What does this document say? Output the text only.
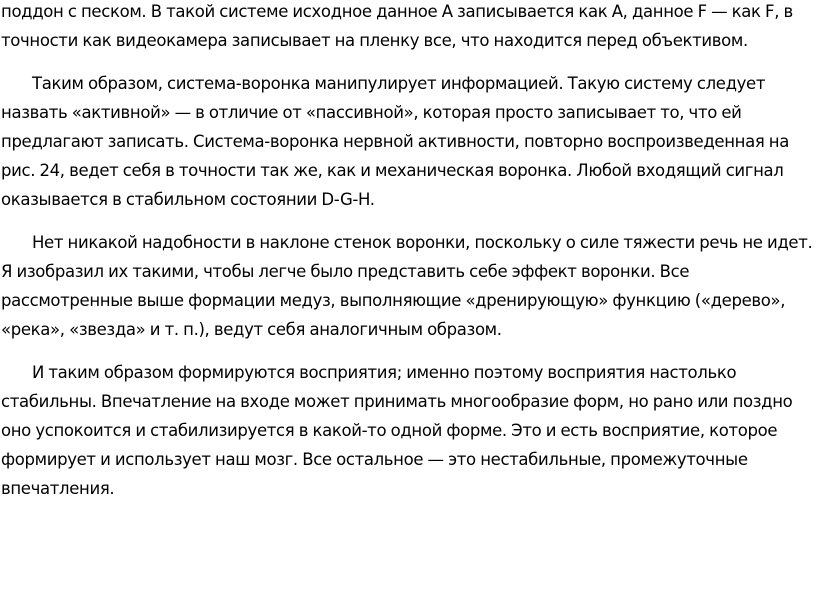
поддон с песком. В такой системе исходное данное А записывается как А, данное F — как F, в точности как видеокамера записывает на пленку все, что находится перед объективом.

Таким образом, система-воронка манипулирует информацией. Такую систему следует назвать «активной» — в отличие от «пассивной», которая просто записывает то, что ей предлагают записать. Система-воронка нервной активности, повторно воспроизведенная на рис. 24, ведет себя в точности так же, как и механическая воронка. Любой входящий сигнал оказывается в стабильном состоянии D-G-H.

Нет никакой надобности в наклоне стенок воронки, поскольку о силе тяжести речь не идет. Я изобразил их такими, чтобы легче было представить себе эффект воронки. Все рассмотренные выше формации медуз, выполняющие «дренирующую» функцию («дерево», «река», «звезда» и т. п.), ведут себя аналогичным образом.

И таким образом формируются восприятия; именно поэтому восприятия настолько стабильны. Впечатление на входе может принимать многообразие форм, но рано или поздно оно успокоится и стабилизируется в какой-то одной форме. Это и есть восприятие, которое формирует и использует наш мозг. Все остальное — это нестабильные, промежуточные впечатления.
